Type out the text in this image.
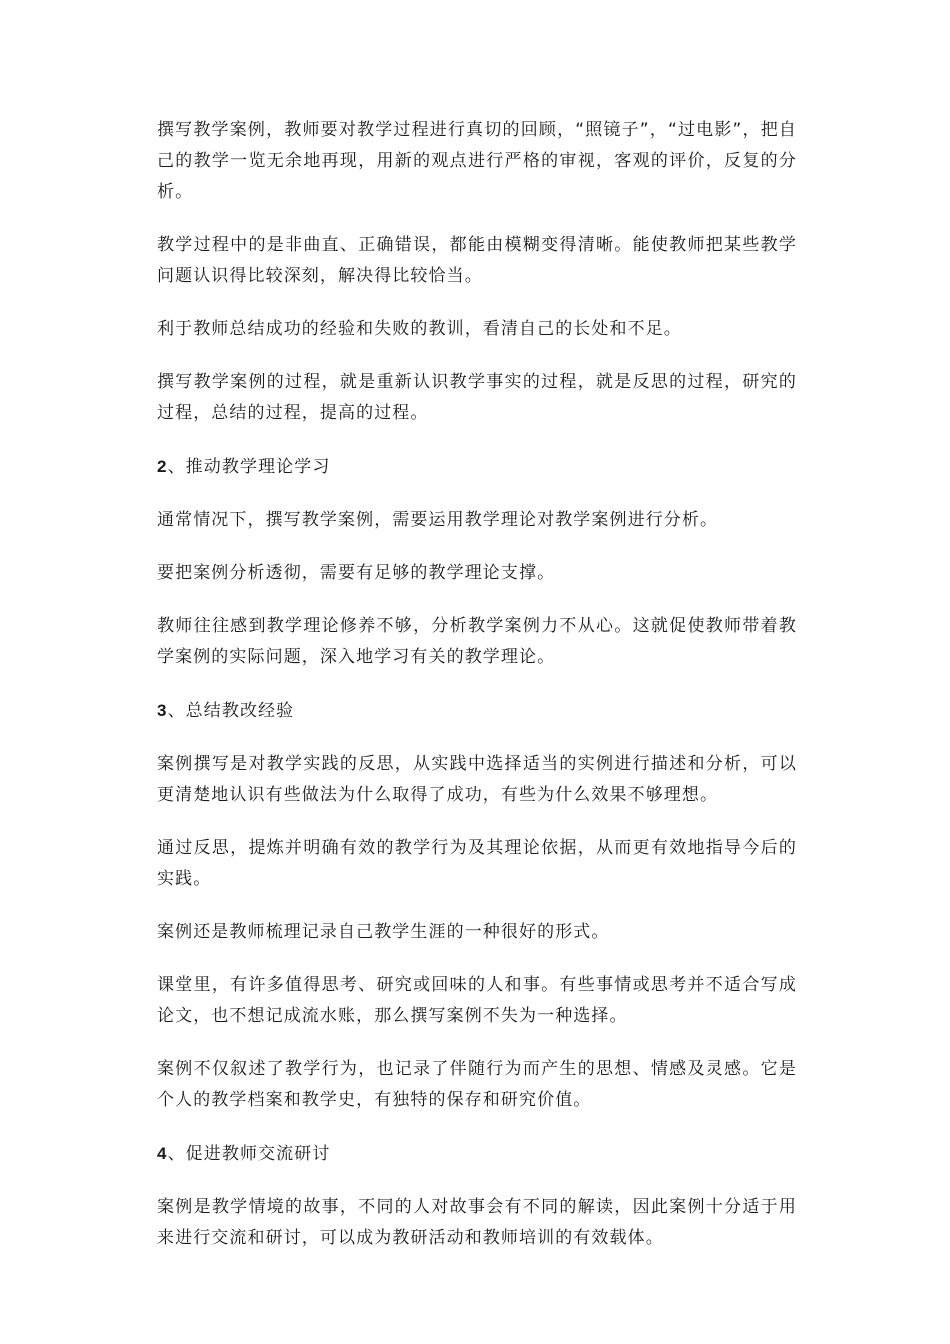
撰写教学案例，教师要对教学过程进行真切的回顾，“照镜子”，“过电影”，把自己的教学一览无余地再现，用新的观点进行严格的审视，客观的评价，反复的分析。

教学过程中的是非曲直、正确错误，都能由模糊变得清晰。能使教师把某些教学问题认识得比较深刻，解决得比较恰当。

利于教师总结成功的经验和失败的教训，看清自己的长处和不足。

撰写教学案例的过程，就是重新认识教学事实的过程，就是反思的过程，研究的过程，总结的过程，提高的过程。

2、推动教学理论学习

通常情况下，撰写教学案例，需要运用教学理论对教学案例进行分析。

要把案例分析透彻，需要有足够的教学理论支撑。

教师往往感到教学理论修养不够，分析教学案例力不从心。这就促使教师带着教学案例的实际问题，深入地学习有关的教学理论。

3、总结教改经验

案例撰写是对教学实践的反思，从实践中选择适当的实例进行描述和分析，可以更清楚地认识有些做法为什么取得了成功，有些为什么效果不够理想。

通过反思，提炼并明确有效的教学行为及其理论依据，从而更有效地指导今后的实践。

案例还是教师梳理记录自己教学生涯的一种很好的形式。

课堂里，有许多值得思考、研究或回味的人和事。有些事情或思考并不适合写成论文，也不想记成流水账，那么撰写案例不失为一种选择。

案例不仅叙述了教学行为，也记录了伴随行为而产生的思想、情感及灵感。它是个人的教学档案和教学史，有独特的保存和研究价值。

4、促进教师交流研讨

案例是教学情境的故事，不同的人对故事会有不同的解读，因此案例十分适于用来进行交流和研讨，可以成为教研活动和教师培训的有效载体。
